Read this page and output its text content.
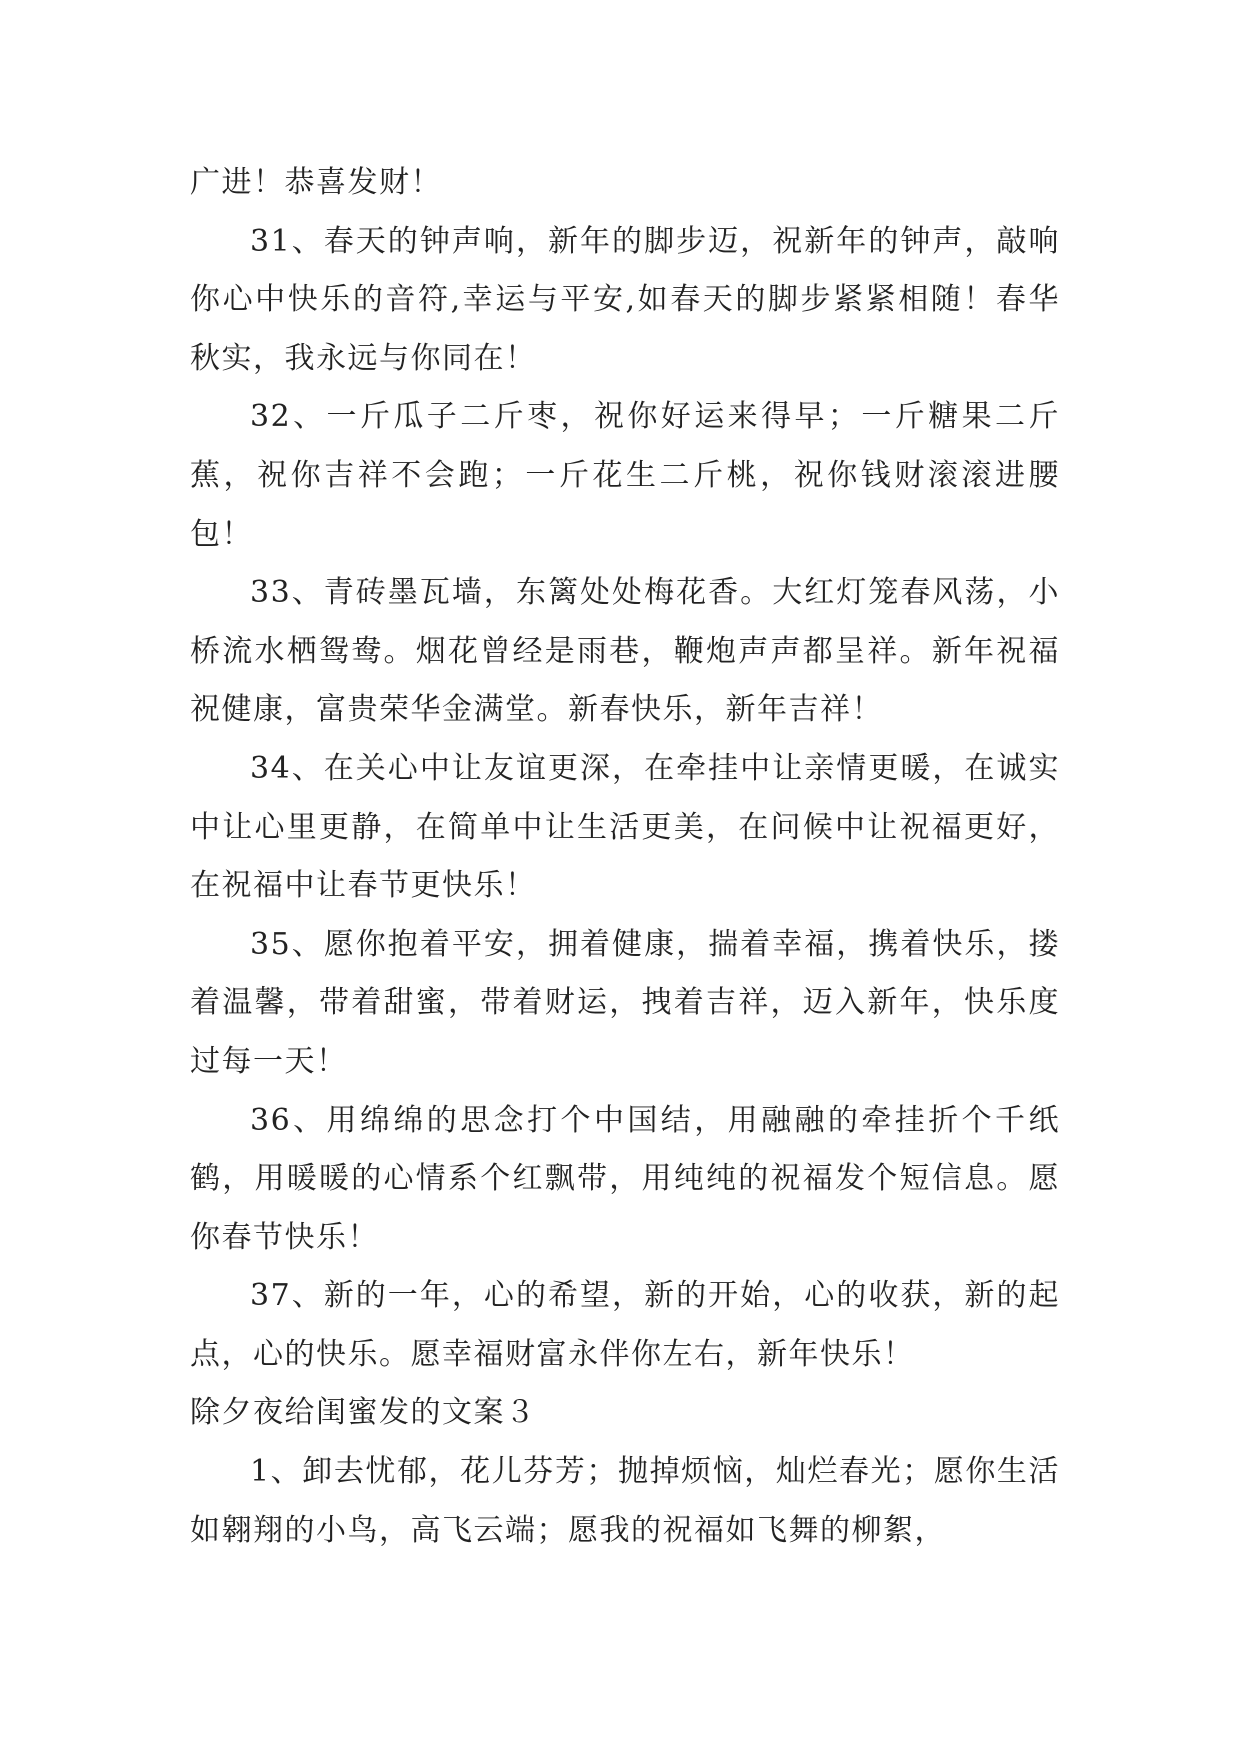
广进！恭喜发财！

31、春天的钟声响，新年的脚步迈，祝新年的钟声，敲响你心中快乐的音符,幸运与平安,如春天的脚步紧紧相随！春华秋实，我永远与你同在！

32、一斤瓜子二斤枣，祝你好运来得早；一斤糖果二斤蕉，祝你吉祥不会跑；一斤花生二斤桃，祝你钱财滚滚进腰包！

33、青砖墨瓦墙，东篱处处梅花香。大红灯笼春风荡，小桥流水栖鸳鸯。烟花曾经是雨巷，鞭炮声声都呈祥。新年祝福祝健康，富贵荣华金满堂。新春快乐，新年吉祥！

34、在关心中让友谊更深，在牵挂中让亲情更暖，在诚实中让心里更静，在简单中让生活更美，在问候中让祝福更好，在祝福中让春节更快乐！

35、愿你抱着平安，拥着健康，揣着幸福，携着快乐，搂着温馨，带着甜蜜，带着财运，拽着吉祥，迈入新年，快乐度过每一天！

36、用绵绵的思念打个中国结，用融融的牵挂折个千纸鹤，用暖暖的心情系个红飘带，用纯纯的祝福发个短信息。愿你春节快乐！

37、新的一年，心的希望，新的开始，心的收获，新的起点，心的快乐。愿幸福财富永伴你左右，新年快乐！

除夕夜给闺蜜发的文案３

1、卸去忧郁，花儿芬芳；抛掉烦恼，灿烂春光；愿你生活如翱翔的小鸟，高飞云端；愿我的祝福如飞舞的柳絮，
